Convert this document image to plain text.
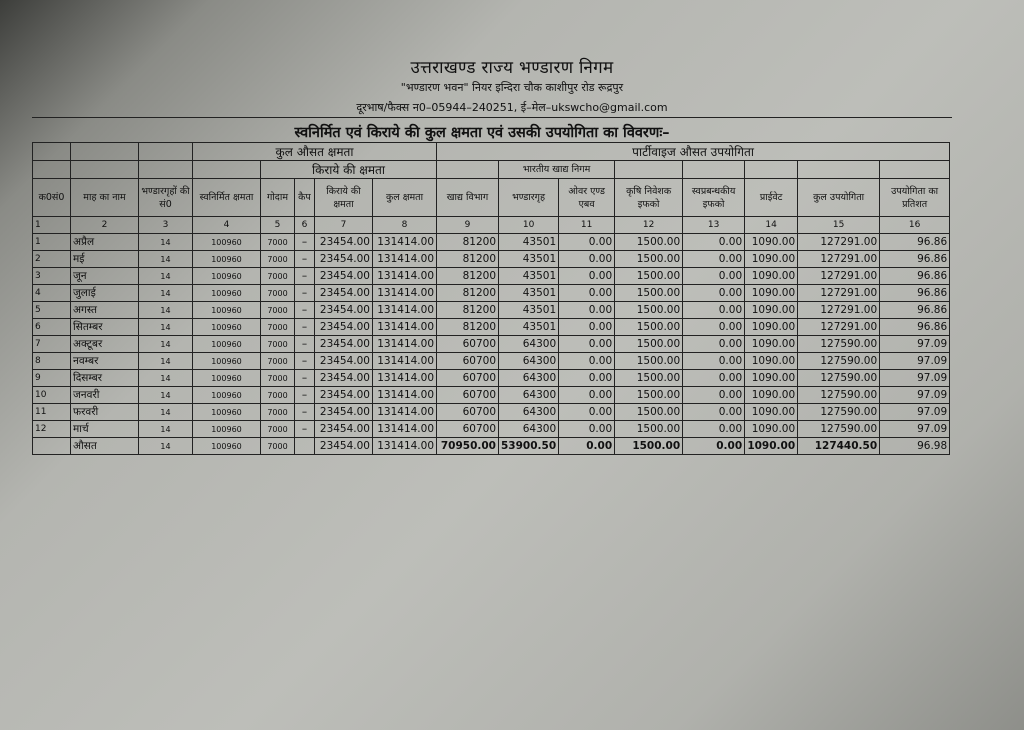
उत्तराखण्ड राज्य भण्डारण निगम
"भण्डारण भवन" नियर इन्दिरा चौक काशीपुर रोड रूद्रपुर
दूरभाष/फैक्स न0–05944–240251, ई–मेल–ukswcho@gmail.com
स्वनिर्मित एवं किराये की कुल क्षमता एवं उसकी उपयोगिता का विवरणः–
			कुल औसत क्षमता					पार्टीवाइज औसत उपयोगिता							
				किराये की क्षमता					भारतीय खाद्य निगम						
क0सं0	माह का नाम	भण्डारगृहों की सं0	स्वनिर्मित क्षमता	गोदाम	कैप	किराये की क्षमता	कुल क्षमता	खाद्य विभाग	भण्डारगृह	ओवर एण्ड एबव	कृषि निवेशक इफको	स्वप्रबन्धकीय इफको	प्राईवेट	कुल उपयोगिता	उपयोगिता का प्रतिशत
1	2	3	4	5	6	7	8	9	10	11	12	13	14	15	16
1	अप्रैल	14	100960	7000	–	23454.00	131414.00	81200	43501	0.00	1500.00	0.00	1090.00	127291.00	96.86
2	मई	14	100960	7000	–	23454.00	131414.00	81200	43501	0.00	1500.00	0.00	1090.00	127291.00	96.86
3	जून	14	100960	7000	–	23454.00	131414.00	81200	43501	0.00	1500.00	0.00	1090.00	127291.00	96.86
4	जुलाई	14	100960	7000	–	23454.00	131414.00	81200	43501	0.00	1500.00	0.00	1090.00	127291.00	96.86
5	अगस्त	14	100960	7000	–	23454.00	131414.00	81200	43501	0.00	1500.00	0.00	1090.00	127291.00	96.86
6	सितम्बर	14	100960	7000	–	23454.00	131414.00	81200	43501	0.00	1500.00	0.00	1090.00	127291.00	96.86
7	अक्टूबर	14	100960	7000	–	23454.00	131414.00	60700	64300	0.00	1500.00	0.00	1090.00	127590.00	97.09
8	नवम्बर	14	100960	7000	–	23454.00	131414.00	60700	64300	0.00	1500.00	0.00	1090.00	127590.00	97.09
9	दिसम्बर	14	100960	7000	–	23454.00	131414.00	60700	64300	0.00	1500.00	0.00	1090.00	127590.00	97.09
10	जनवरी	14	100960	7000	–	23454.00	131414.00	60700	64300	0.00	1500.00	0.00	1090.00	127590.00	97.09
11	फरवरी	14	100960	7000	–	23454.00	131414.00	60700	64300	0.00	1500.00	0.00	1090.00	127590.00	97.09
12	मार्च	14	100960	7000	–	23454.00	131414.00	60700	64300	0.00	1500.00	0.00	1090.00	127590.00	97.09
	औसत	14	100960	7000		23454.00	131414.00	70950.00	53900.50	0.00	1500.00	0.00	1090.00	127440.50	96.98
